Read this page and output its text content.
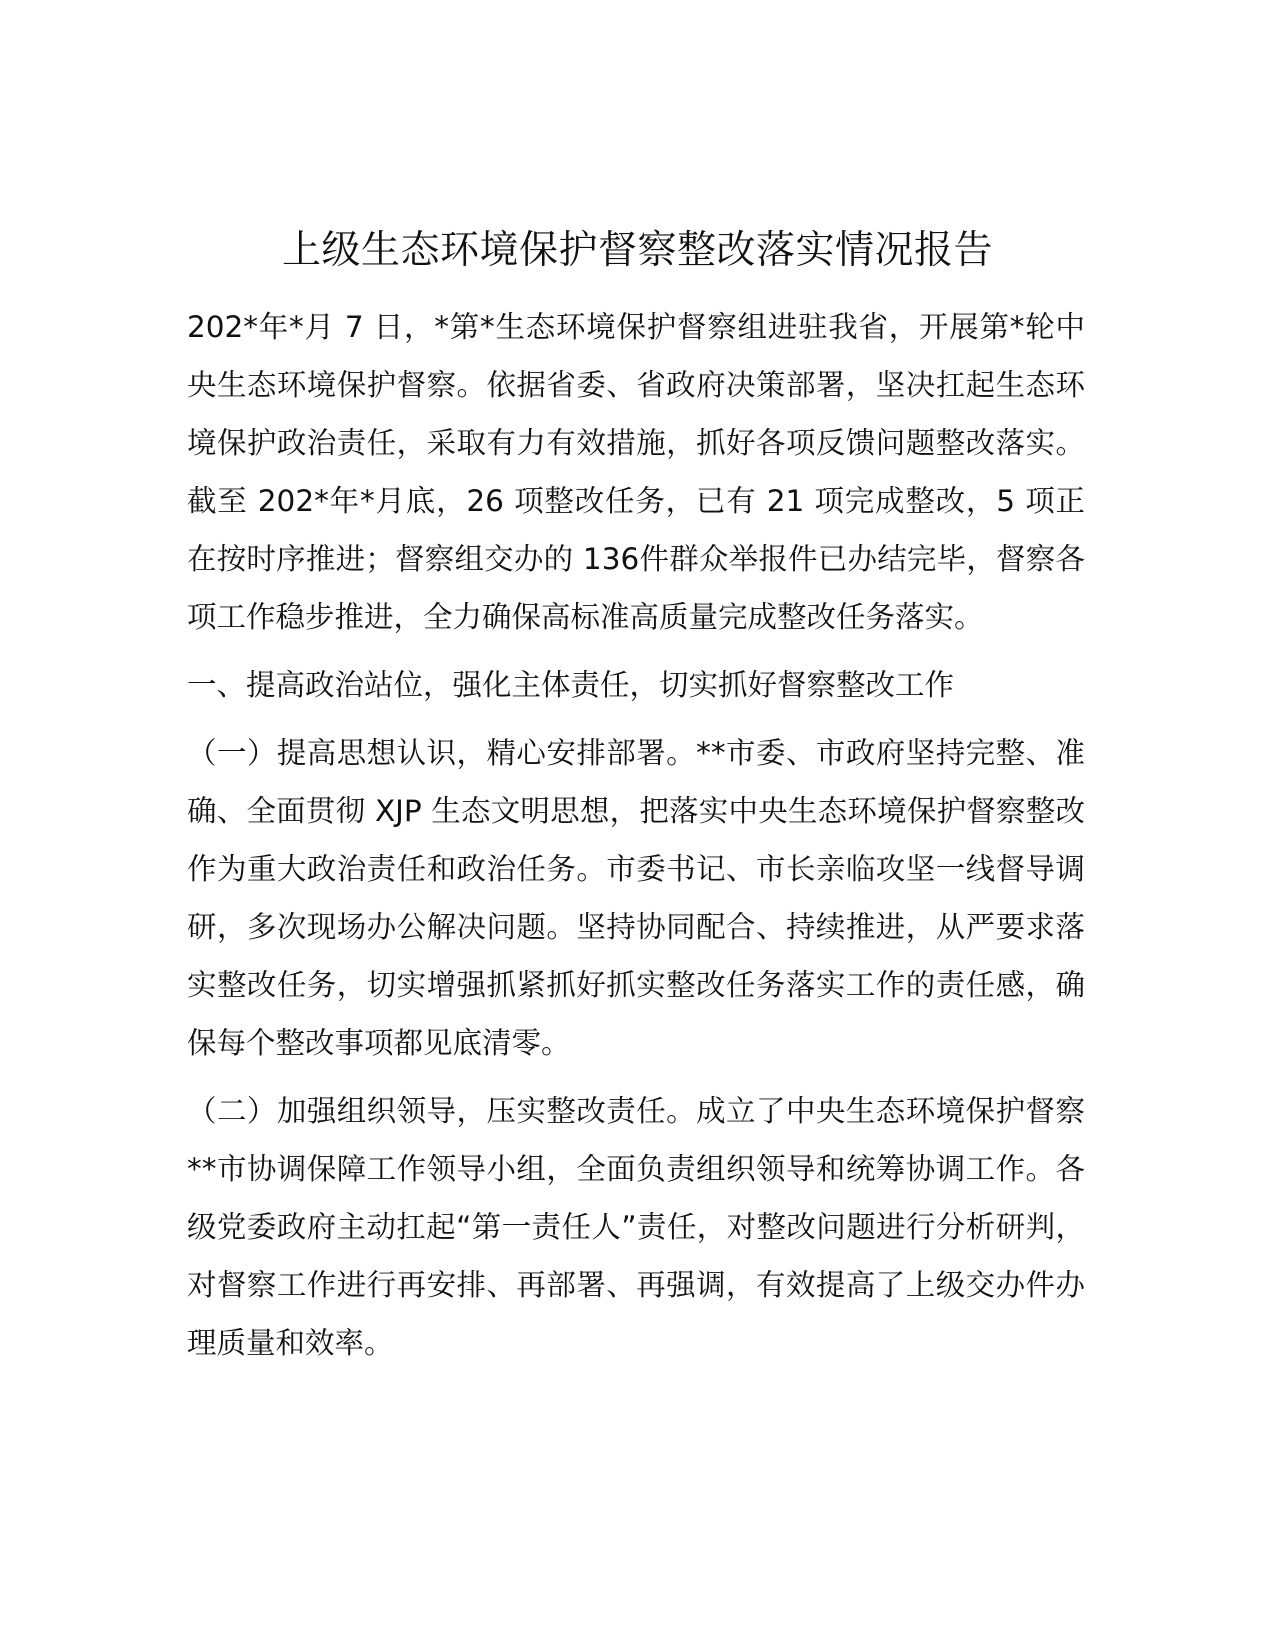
上级生态环境保护督察整改落实情况报告

202*年*月 7 日，*第*生态环境保护督察组进驻我省，开展第*轮中央生态环境保护督察。依据省委、省政府决策部署，坚决扛起生态环境保护政治责任，采取有力有效措施，抓好各项反馈问题整改落实。截至 202*年*月底，26 项整改任务，已有 21 项完成整改，5 项正在按时序推进；督察组交办的 136件群众举报件已办结完毕，督察各项工作稳步推进，全力确保高标准高质量完成整改任务落实。

一、提高政治站位，强化主体责任，切实抓好督察整改工作

（一）提高思想认识，精心安排部署。**市委、市政府坚持完整、准确、全面贯彻 XJP 生态文明思想，把落实中央生态环境保护督察整改作为重大政治责任和政治任务。市委书记、市长亲临攻坚一线督导调研，多次现场办公解决问题。坚持协同配合、持续推进，从严要求落实整改任务，切实增强抓紧抓好抓实整改任务落实工作的责任感，确保每个整改事项都见底清零。

（二）加强组织领导，压实整改责任。成立了中央生态环境保护督察**市协调保障工作领导小组，全面负责组织领导和统筹协调工作。各级党委政府主动扛起“第一责任人”责任，对整改问题进行分析研判，对督察工作进行再安排、再部署、再强调，有效提高了上级交办件办理质量和效率。
